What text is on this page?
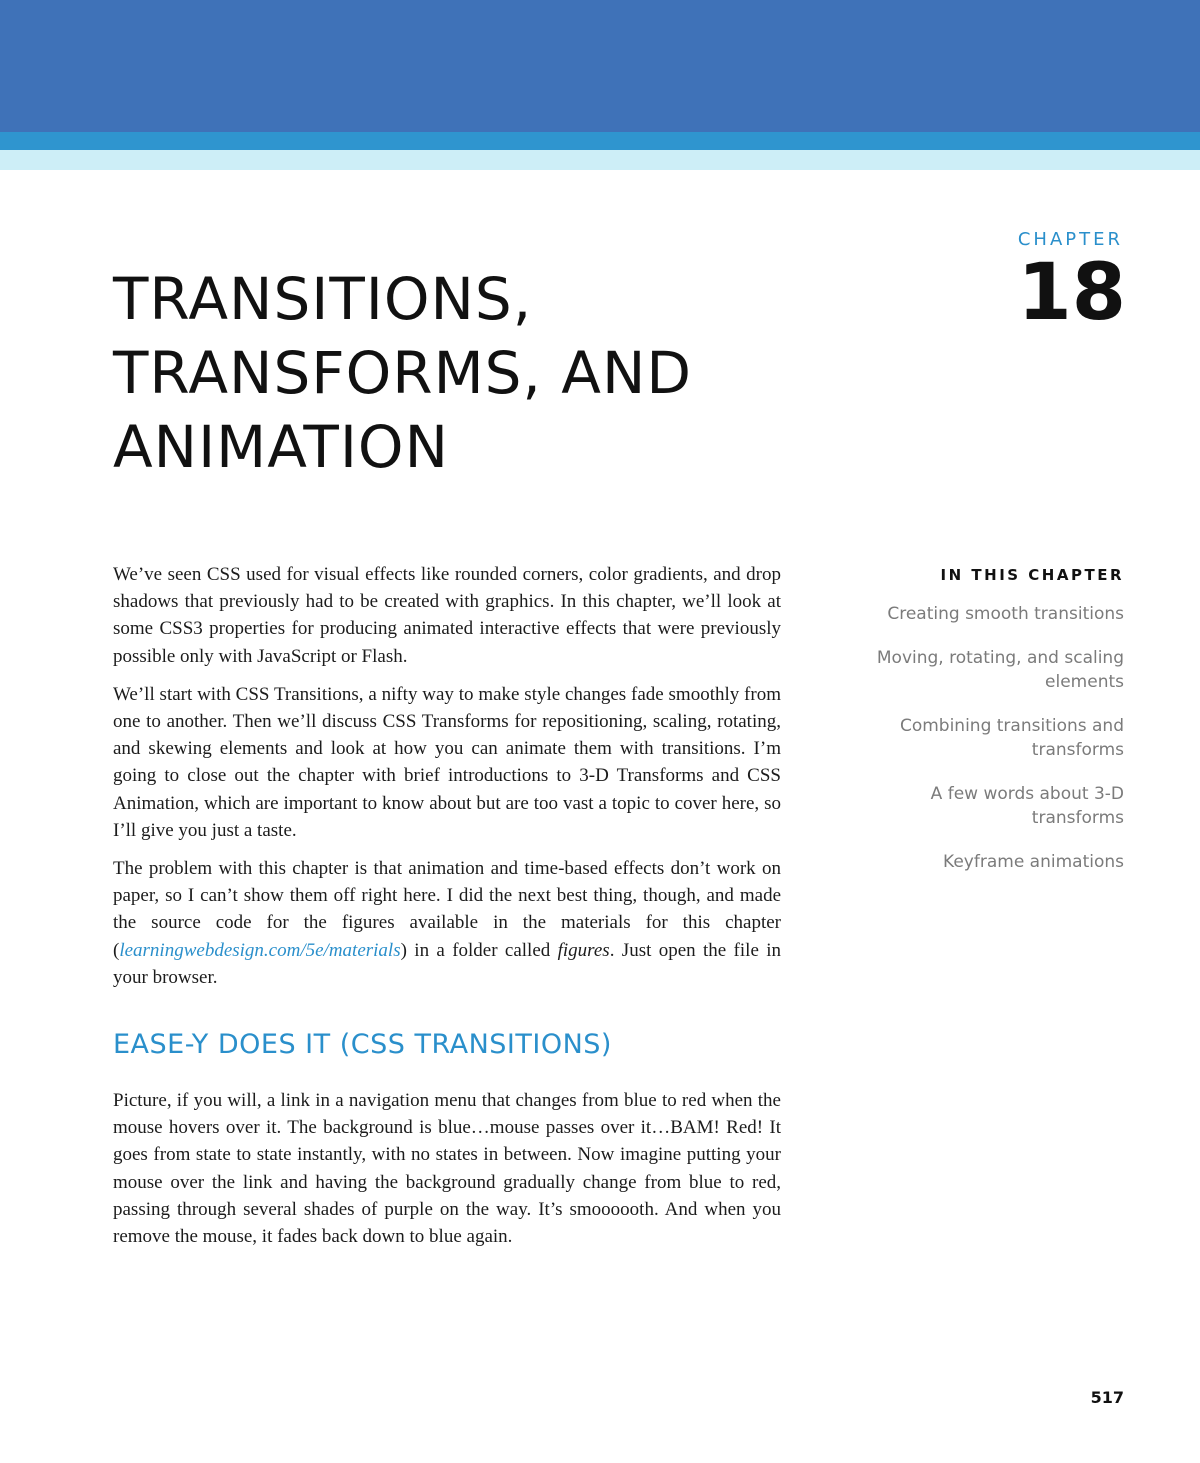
CHAPTER
18
TRANSITIONS,
TRANSFORMS, AND
ANIMATION

We’ve seen CSS used for visual effects like rounded corners, color gradients, and drop shadows that previously had to be created with graphics. In this chapter, we’ll look at some CSS3 properties for producing animated interactive effects that were previously possible only with JavaScript or Flash.

We’ll start with CSS Transitions, a nifty way to make style changes fade smoothly from one to another. Then we’ll discuss CSS Transforms for repositioning, scaling, rotating, and skewing elements and look at how you can animate them with transitions. I’m going to close out the chapter with brief introductions to 3-D Transforms and CSS Animation, which are important to know about but are too vast a topic to cover here, so I’ll give you just a taste.

The problem with this chapter is that animation and time-based effects don’t work on paper, so I can’t show them off right here. I did the next best thing, though, and made the source code for the figures available in the materials for this chapter (learningwebdesign.com/5e/materials) in a folder called figures. Just open the file in your browser.

EASE-Y DOES IT (CSS TRANSITIONS)

Picture, if you will, a link in a navigation menu that changes from blue to red when the mouse hovers over it. The background is blue…mouse passes over it…BAM! Red! It goes from state to state instantly, with no states in between. Now imagine putting your mouse over the link and having the background gradually change from blue to red, passing through several shades of purple on the way. It’s smoooooth. And when you remove the mouse, it fades back down to blue again.

IN THIS CHAPTER
Creating smooth transitions
Moving, rotating, and scaling elements
Combining transitions and transforms
A few words about 3-D transforms
Keyframe animations
517
